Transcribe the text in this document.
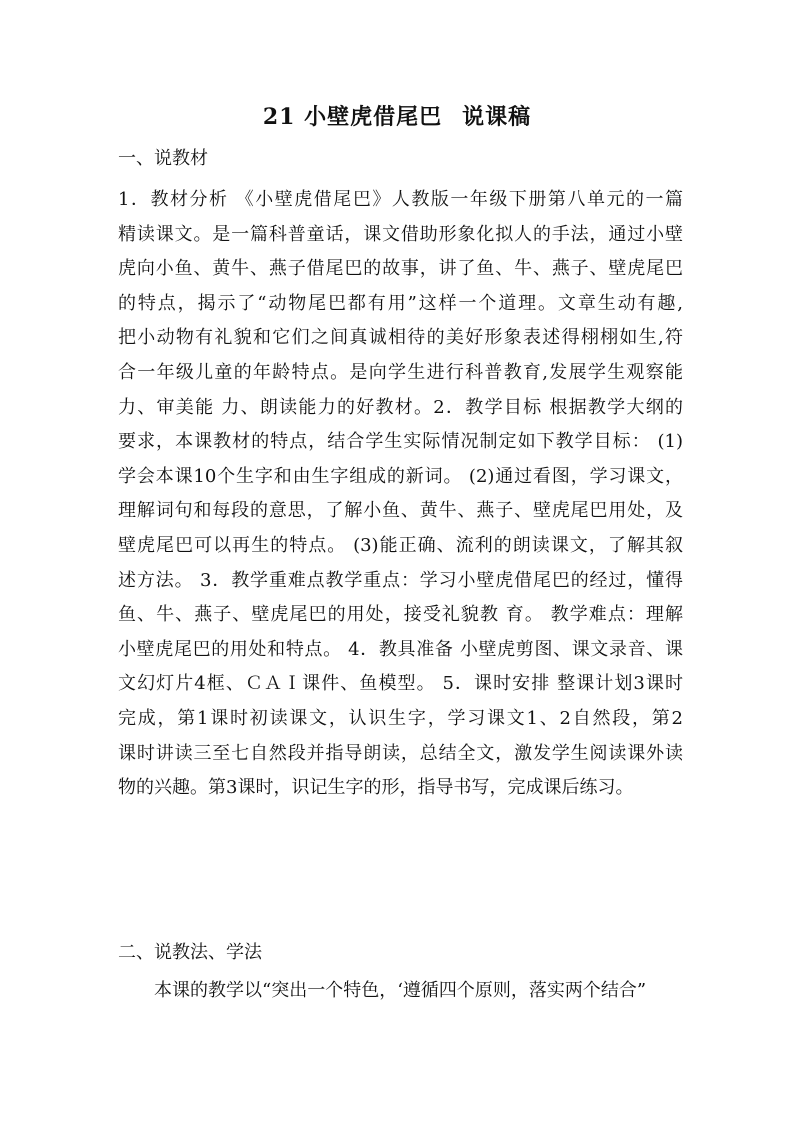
21 小壁虎借尾巴 说课稿
一、说教材
1．教材分析 《小壁虎借尾巴》人教版一年级下册第八单元的一篇
精读课文。是一篇科普童话，课文借助形象化拟人的手法，通过小壁
虎向小鱼、黄牛、燕子借尾巴的故事，讲了鱼、牛、燕子、壁虎尾巴
的特点，揭示了“动物尾巴都有用”这样一个道理。文章生动有趣,
把小动物有礼貌和它们之间真诚相待的美好形象表述得栩栩如生,符
合一年级儿童的年龄特点。是向学生进行科普教育,发展学生观察能
力、审美能 力、朗读能力的好教材。2．教学目标 根据教学大纲的
要求，本课教材的特点，结合学生实际情况制定如下教学目标： (1)
学会本课10个生字和由生字组成的新词。 (2)通过看图，学习课文，
理解词句和每段的意思，了解小鱼、黄牛、燕子、壁虎尾巴用处，及
壁虎尾巴可以再生的特点。 (3)能正确、流利的朗读课文，了解其叙
述方法。 3．教学重难点教学重点：学习小壁虎借尾巴的经过，懂得
鱼、牛、燕子、壁虎尾巴的用处，接受礼貌教 育。 教学难点：理解
小壁虎尾巴的用处和特点。 4．教具准备 小壁虎剪图、课文录音、课
文幻灯片4框、ＣＡＩ课件、鱼模型。 5．课时安排 整课计划3课时
完成，第1课时初读课文，认识生字，学习课文1、2自然段，第2
课时讲读三至七自然段并指导朗读，总结全文，激发学生阅读课外读
物的兴趣。第3课时，识记生字的形，指导书写，完成课后练习。
二、说教法、学法
本课的教学以“突出一个特色，‘遵循四个原则，落实两个结合”
